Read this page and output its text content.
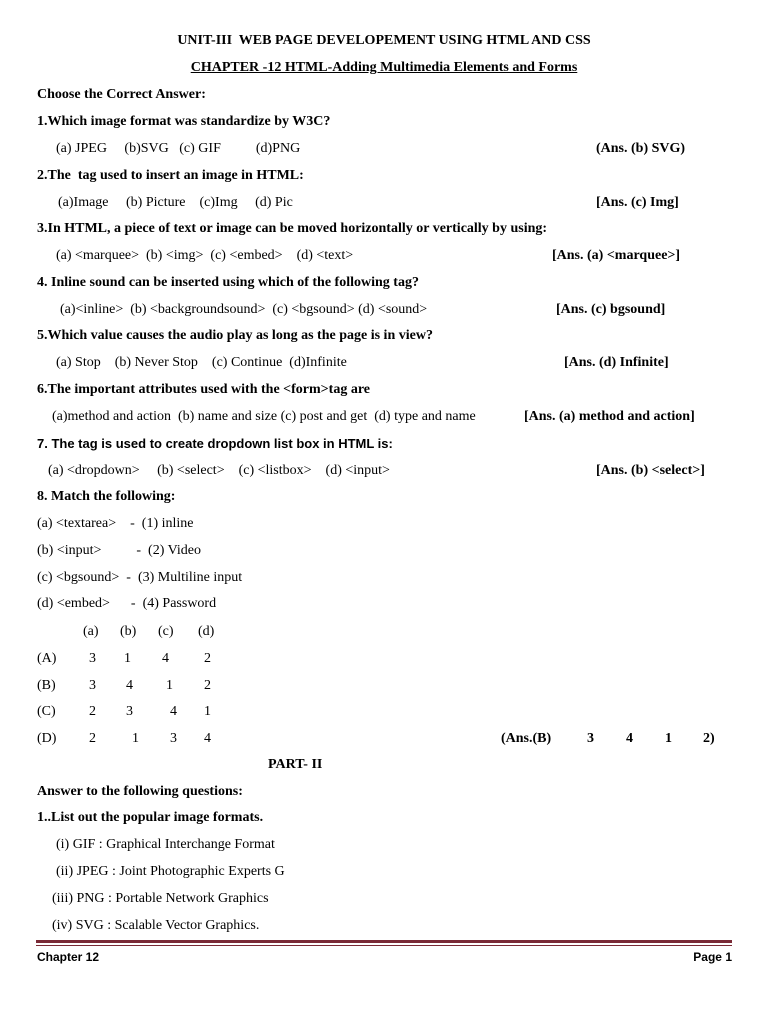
UNIT-III  WEB PAGE DEVELOPEMENT USING HTML AND CSS
CHAPTER -12 HTML-Adding Multimedia Elements and Forms
Choose the Correct Answer:
1.Which image format was standardize by W3C?
(a) JPEG     (b)SVG   (c) GIF          (d)PNG	(Ans. (b) SVG)
2.The  tag used to insert an image in HTML:
(a)Image     (b) Picture    (c)Img     (d) Pic	[Ans. (c) Img]
3.In HTML, a piece of text or image can be moved horizontally or vertically by using:
(a) <marquee>  (b) <img>  (c) <embed>    (d) <text>	[Ans. (a) <marquee>]
4. Inline sound can be inserted using which of the following tag?
(a)<inline>  (b) <backgroundsound>  (c) <bgsound> (d) <sound>	[Ans. (c) bgsound]
5.Which value causes the audio play as long as the page is in view?
(a) Stop    (b) Never Stop    (c) Continue  (d)Infinite	[Ans. (d) Infinite]
6.The important attributes used with the <form>tag are
(a)method and action  (b) name and size (c) post and get  (d) type and name	[Ans. (a) method and action]
7. The tag is used to create dropdown list box in HTML is:
(a) <dropdown>     (b) <select>    (c) <listbox>    (d) <input>	[Ans. (b) <select>]
8. Match the following:
(a) <textarea>    -  (1) inline
(b) <input>          -  (2) Video
(c) <bgsound>  -  (3) Multiline input
(d) <embed>      -  (4) Password
(a) (b) (c) (d)
(A) 3 1 4	2
(B) 3 4 1 2
(C) 2 3	4 1
(D) 2	1 3 4	(Ans.(B)	3 4 1 2)
PART- II
Answer to the following questions:
1..List out the popular image formats.
(i) GIF : Graphical Interchange Format
(ii) JPEG : Joint Photographic Experts G
(iii) PNG : Portable Network Graphics
(iv) SVG : Scalable Vector Graphics.
Chapter 12	Page 1
